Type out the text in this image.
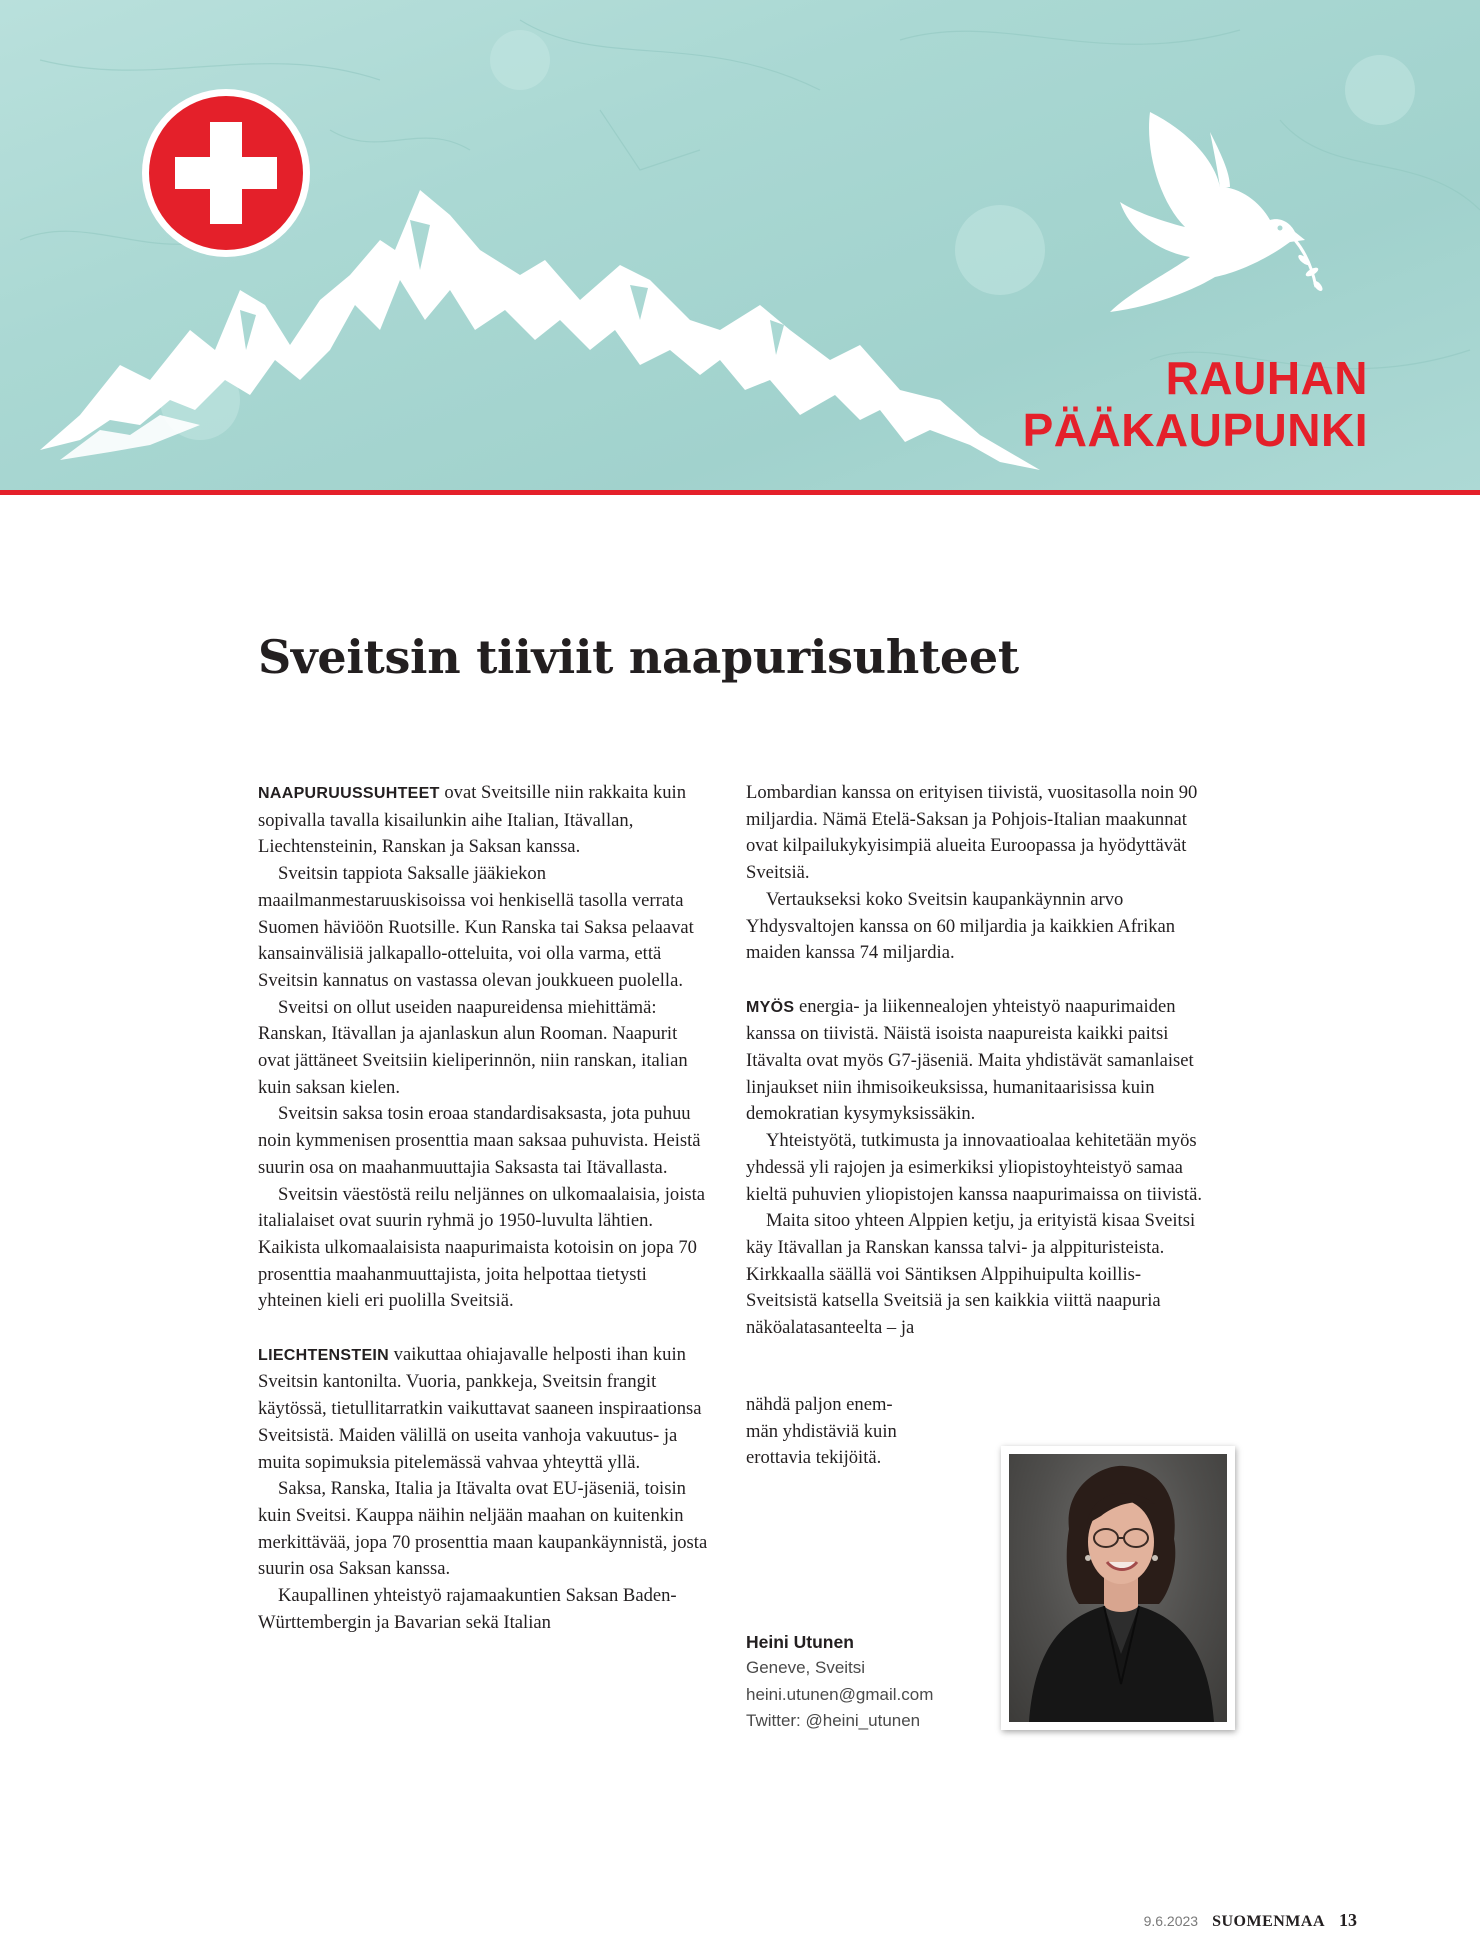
RAUHAN
PÄÄKAUPUNKI
Sveitsin tiiviit naapurisuhteet

NAAPURUUSSUHTEET ovat Sveitsille niin rakkaita kuin sopivalla tavalla kisailunkin aihe Italian, Itävallan, Liechtensteinin, Ranskan ja Saksan kanssa.

Sveitsin tappiota Saksalle jääkiekon maailmanmestaruuskisoissa voi henkisellä tasolla verrata Suomen häviöön Ruotsille. Kun Ranska tai Saksa pelaavat kansainvälisiä jalkapallo-otteluita, voi olla varma, että Sveitsin kannatus on vastassa olevan joukkueen puolella.

Sveitsi on ollut useiden naapureidensa miehittämä: Ranskan, Itävallan ja ajanlaskun alun Rooman. Naapurit ovat jättäneet Sveitsiin kieliperinnön, niin ranskan, italian kuin saksan kielen.

Sveitsin saksa tosin eroaa standardisaksasta, jota puhuu noin kymmenisen prosenttia maan saksaa puhuvista. Heistä suurin osa on maahanmuuttajia Saksasta tai Itävallasta.

Sveitsin väestöstä reilu neljännes on ulkomaalaisia, joista italialaiset ovat suurin ryhmä jo 1950-luvulta lähtien. Kaikista ulkomaalaisista naapurimaista kotoisin on jopa 70 prosenttia maahanmuuttajista, joita helpottaa tietysti yhteinen kieli eri puolilla Sveitsiä.

LIECHTENSTEIN vaikuttaa ohiajavalle helposti ihan kuin Sveitsin kantonilta. Vuoria, pankkeja, Sveitsin frangit käytössä, tietullitarratkin vaikuttavat saaneen inspiraationsa Sveitsistä. Maiden välillä on useita vanhoja vakuutus- ja muita sopimuksia pitelemässä vahvaa yhteyttä yllä.

Saksa, Ranska, Italia ja Itävalta ovat EU-jäseniä, toisin kuin Sveitsi. Kauppa näihin neljään maahan on kuitenkin merkittävää, jopa 70 prosenttia maan kaupankäynnistä, josta suurin osa Saksan kanssa.

Kaupallinen yhteistyö rajamaakuntien Saksan Baden-Württembergin ja Bavarian sekä Italian

Lombardian kanssa on erityisen tiivistä, vuositasolla noin 90 miljardia. Nämä Etelä-Saksan ja Pohjois-Italian maakunnat ovat kilpailukykyisimpiä alueita Euroopassa ja hyödyttävät Sveitsiä.

Vertaukseksi koko Sveitsin kaupankäynnin arvo Yhdysvaltojen kanssa on 60 miljardia ja kaikkien Afrikan maiden kanssa 74 miljardia.

MYÖS energia- ja liikennealojen yhteistyö naapurimaiden kanssa on tiivistä. Näistä isoista naapureista kaikki paitsi Itävalta ovat myös G7-jäseniä. Maita yhdistävät samanlaiset linjaukset niin ihmisoikeuksissa, humanitaarisissa kuin demokratian kysymyksissäkin.

Yhteistyötä, tutkimusta ja innovaatioalaa kehitetään myös yhdessä yli rajojen ja esimerkiksi yliopistoyhteistyö samaa kieltä puhuvien yliopistojen kanssa naapurimaissa on tiivistä.

Maita sitoo yhteen Alppien ketju, ja erityistä kisaa Sveitsi käy Itävallan ja Ranskan kanssa talvi- ja alppituristeista. Kirkkaalla säällä voi Säntiksen Alppihuipulta koillis-Sveitsistä katsella Sveitsiä ja sen kaikkia viittä naapuria näköalatasanteelta – ja

nähdä paljon enem-
män yhdistäviä kuin
erottavia tekijöitä.
Heini Utunen
Geneve, Sveitsi
heini.utunen@gmail.com
Twitter: @heini_utunen
9.6.2023 SUOMENMAA 13
